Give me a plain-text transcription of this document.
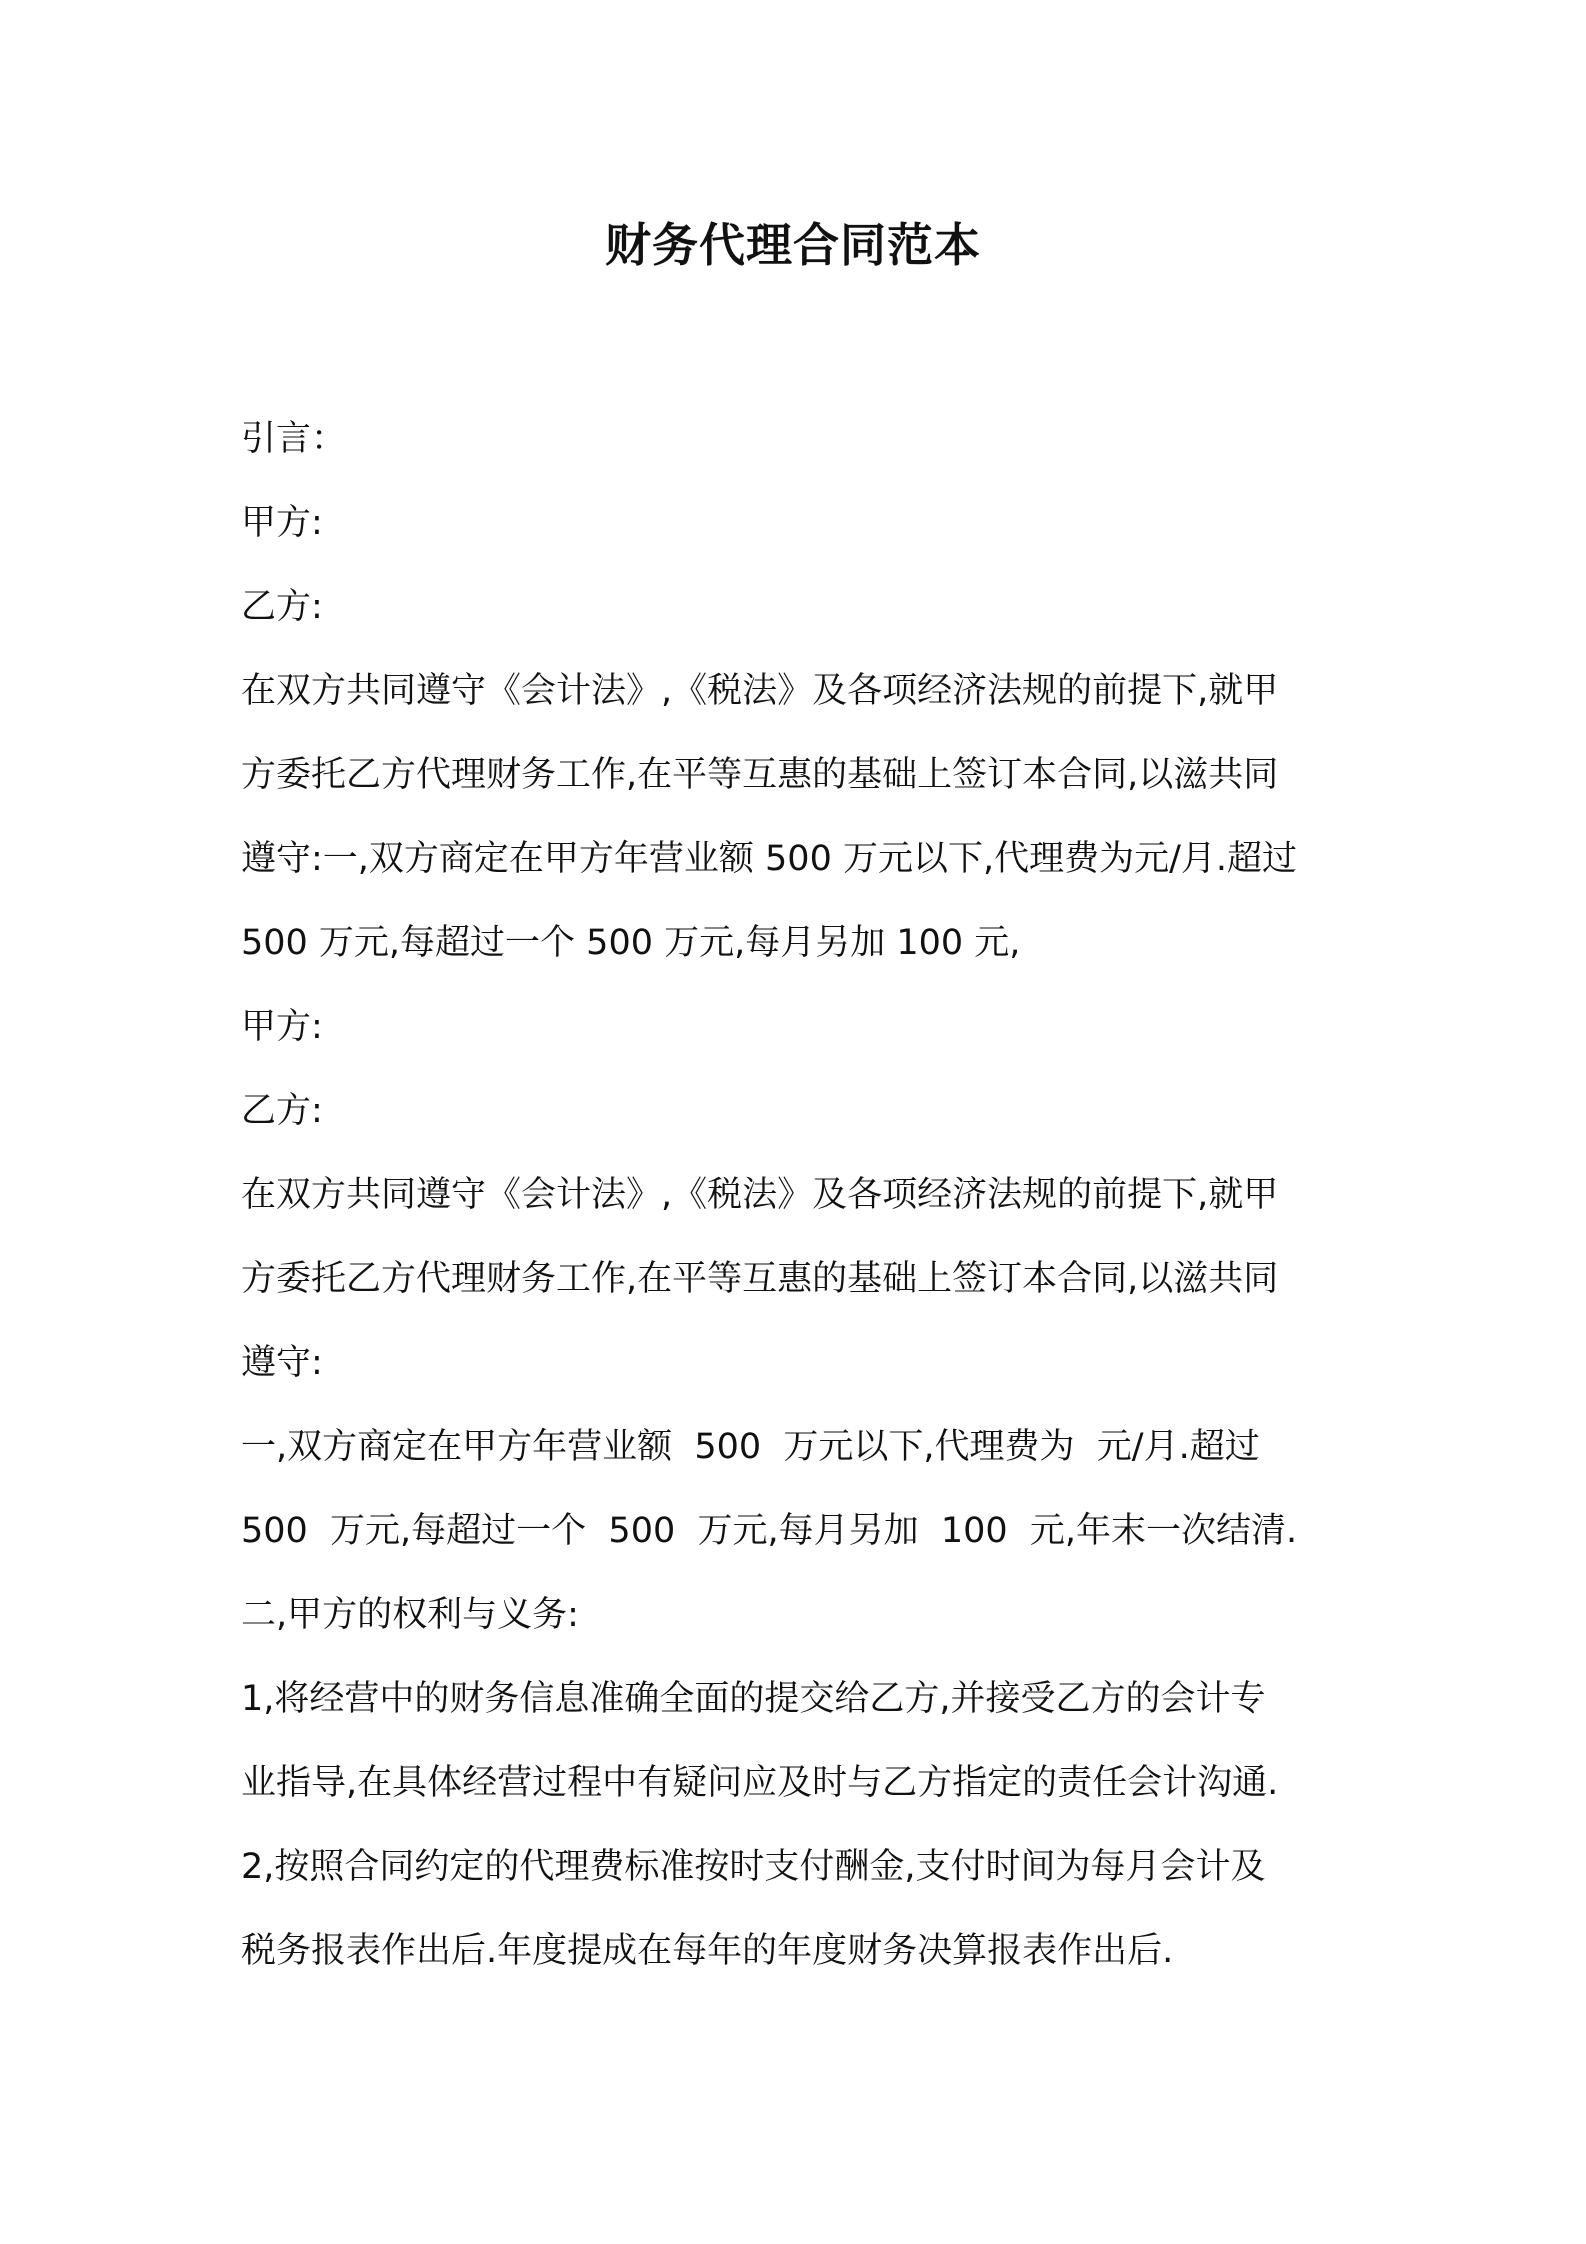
财务代理合同范本
引言：
甲方:
乙方:
在双方共同遵守《会计法》,《税法》及各项经济法规的前提下,就甲
方委托乙方代理财务工作,在平等互惠的基础上签订本合同,以滋共同
遵守:一,双方商定在甲方年营业额 500 万元以下,代理费为元/月.超过
500 万元,每超过一个 500 万元,每月另加 100 元,
甲方:
乙方:
在双方共同遵守《会计法》,《税法》及各项经济法规的前提下,就甲
方委托乙方代理财务工作,在平等互惠的基础上签订本合同,以滋共同
遵守:
一,双方商定在甲方年营业额  500  万元以下,代理费为  元/月.超过
500  万元,每超过一个  500  万元,每月另加  100  元,年末一次结清.
二,甲方的权利与义务:
1,将经营中的财务信息准确全面的提交给乙方,并接受乙方的会计专
业指导,在具体经营过程中有疑问应及时与乙方指定的责任会计沟通.
2,按照合同约定的代理费标准按时支付酬金,支付时间为每月会计及
税务报表作出后.年度提成在每年的年度财务决算报表作出后.
